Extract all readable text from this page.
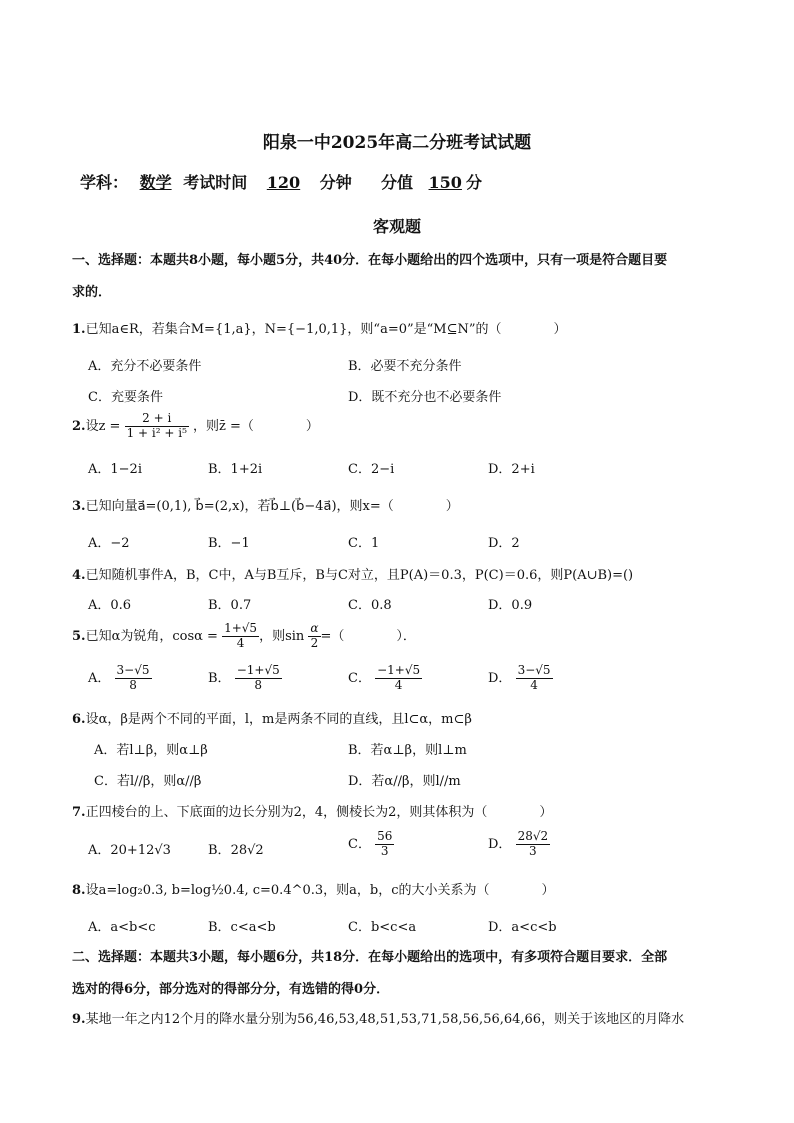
阳泉一中2025年高二分班考试试题
学科： 数学 考试时间 120 分钟 分值 150 分
客观题
一、选择题：本题共8小题，每小题5分，共40分．在每小题给出的四个选项中，只有一项是符合题目要
求的．
1.已知a∈R，若集合M={1,a}，N={−1,0,1}，则“a=0”是“M⊆N”的（　　　　）
A．充分不必要条件	B．必要不充分条件
C．充要条件	D．既不充分也不必要条件
2.设$z = \frac{2 + i}{\text{1 + i² + i⁵}}$ ，则z̄ =（　　　　）
A．1−2i	B．1+2i	C．2−i	D．2+i
3.已知向量a⃗=(0,1), b⃗=(2,x)，若b⃗⊥(b⃗−4a⃗)，则x=（　　　　）
A．−2	B．−1	C．1	D．2
4.已知随机事件A，B，C中，A与B互斥，B与C对立，且P(A)＝0.3，P(C)＝0.6，则P(A∪B)=()
A．0.6	B．0.7	C．0.8	D．0.9
5.已知α为锐角，$\cos\alpha = \frac{1+√5}{4}$ ，则$\sin \frac{\alpha}{2}$ =（　　　　）．
A． $\frac{3-√5}{8}$	B． $\frac{-1+√5}{8}$	C． $\frac{-1+√5}{4}$	D． $\frac{3-√5}{4}$
6.设α，β是两个不同的平面，l，m是两条不同的直线，且l⊂α，m⊂β
A．若l⊥β，则α⊥β	B．若α⊥β，则l⊥m
C．若l//β，则α//β	D．若α//β，则l//m
7.正四棱台的上、下底面的边长分别为2，4，侧棱长为2，则其体积为（　　　　）
A．20+12√3	B．28√2	C． $\frac{56}{3}$	D． $\frac{28√2}{3}$
8.设a=log₂0.3, b=log½0.4, c=0.4^0.3，则a，b，c的大小关系为（　　　　）
A．a<b<c	B．c<a<b	C．b<c<a	D．a<c<b
二、选择题：本题共3小题，每小题6分，共18分．在每小题给出的选项中，有多项符合题目要求．全部
选对的得6分，部分选对的得部分分，有选错的得0分．
9.某地一年之内12个月的降水量分别为56,46,53,48,51,53,71,58,56,56,64,66，则关于该地区的月降水
